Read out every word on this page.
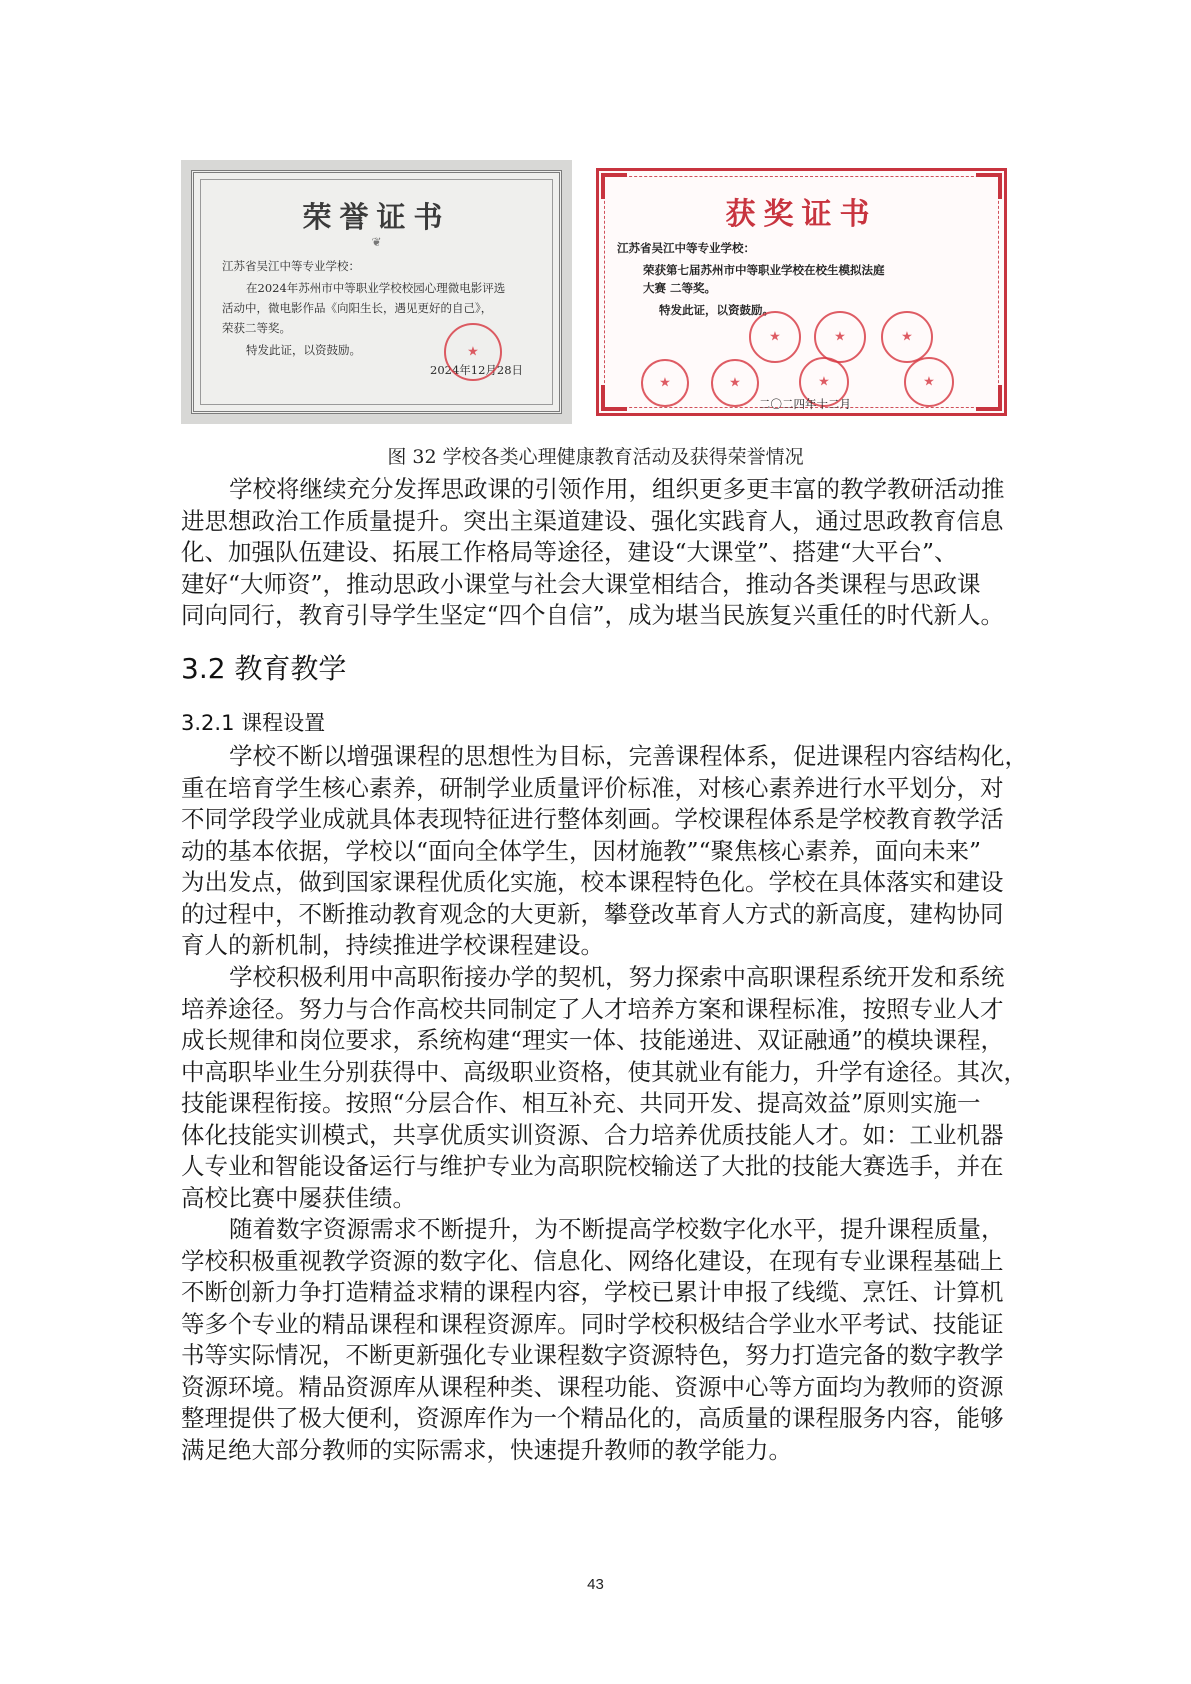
荣誉证书
❦
江苏省吴江中等专业学校：
在2024年苏州市中等职业学校校园心理微电影评选
活动中，微电影作品《向阳生长，遇见更好的自己》，
荣获二等奖。
特发此证，以资鼓励。
2024年12月28日
★
获奖证书
江苏省吴江中等专业学校：
荣获第七届苏州市中等职业学校在校生模拟法庭
大赛 二等奖。
特发此证，以资鼓励。
★
★
★
★
★
★
★
二〇二四年十二月
图 32 学校各类心理健康教育活动及获得荣誉情况
学校将继续充分发挥思政课的引领作用，组织更多更丰富的教学教研活动推
进思想政治工作质量提升。突出主渠道建设、强化实践育人，通过思政教育信息
化、加强队伍建设、拓展工作格局等途径，建设“大课堂”、搭建“大平台”、
建好“大师资”，推动思政小课堂与社会大课堂相结合，推动各类课程与思政课
同向同行，教育引导学生坚定“四个自信”，成为堪当民族复兴重任的时代新人。
3.2 教育教学
3.2.1 课程设置
学校不断以增强课程的思想性为目标，完善课程体系，促进课程内容结构化，
重在培育学生核心素养，研制学业质量评价标准，对核心素养进行水平划分，对
不同学段学业成就具体表现特征进行整体刻画。学校课程体系是学校教育教学活
动的基本依据，学校以“面向全体学生，因材施教”“聚焦核心素养，面向未来”
为出发点，做到国家课程优质化实施，校本课程特色化。学校在具体落实和建设
的过程中，不断推动教育观念的大更新，攀登改革育人方式的新高度，建构协同
育人的新机制，持续推进学校课程建设。
学校积极利用中高职衔接办学的契机，努力探索中高职课程系统开发和系统
培养途径。努力与合作高校共同制定了人才培养方案和课程标准，按照专业人才
成长规律和岗位要求，系统构建“理实一体、技能递进、双证融通”的模块课程，
中高职毕业生分别获得中、高级职业资格，使其就业有能力，升学有途径。其次，
技能课程衔接。按照“分层合作、相互补充、共同开发、提高效益”原则实施一
体化技能实训模式，共享优质实训资源、合力培养优质技能人才。如：工业机器
人专业和智能设备运行与维护专业为高职院校输送了大批的技能大赛选手，并在
高校比赛中屡获佳绩。
随着数字资源需求不断提升，为不断提高学校数字化水平，提升课程质量，
学校积极重视教学资源的数字化、信息化、网络化建设，在现有专业课程基础上
不断创新力争打造精益求精的课程内容，学校已累计申报了线缆、烹饪、计算机
等多个专业的精品课程和课程资源库。同时学校积极结合学业水平考试、技能证
书等实际情况，不断更新强化专业课程数字资源特色，努力打造完备的数字教学
资源环境。精品资源库从课程种类、课程功能、资源中心等方面均为教师的资源
整理提供了极大便利，资源库作为一个精品化的，高质量的课程服务内容，能够
满足绝大部分教师的实际需求，快速提升教师的教学能力。
43
